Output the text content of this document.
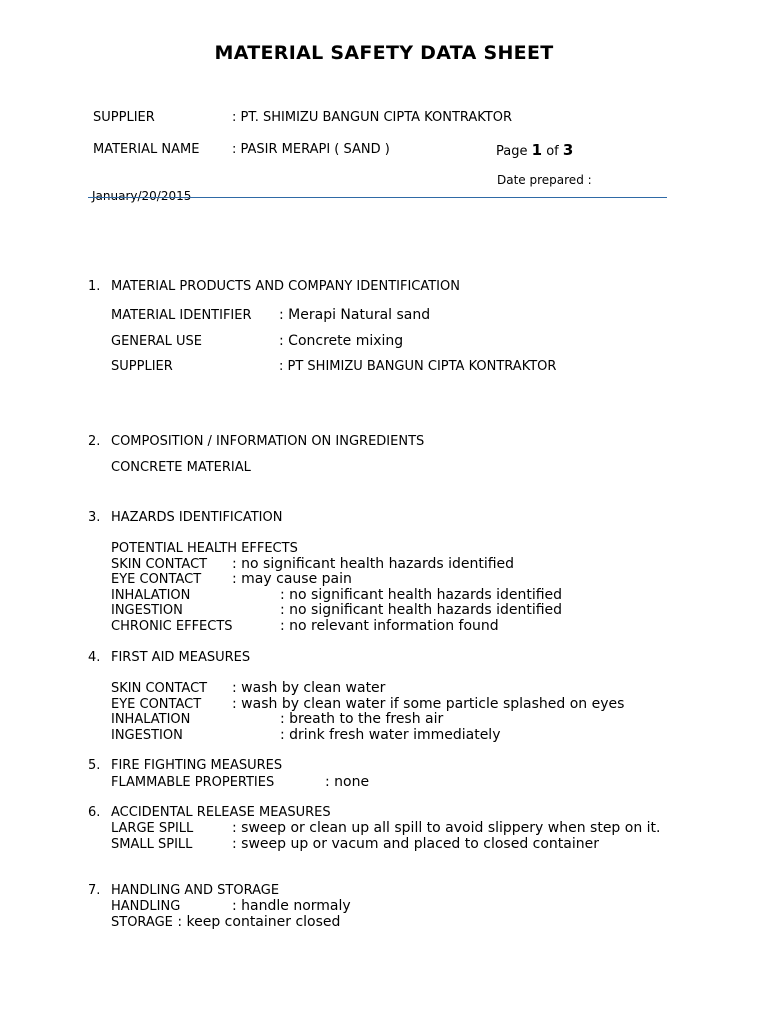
MATERIAL SAFETY DATA SHEET
SUPPLIER	: PT. SHIMIZU BANGUN CIPTA KONTRAKTOR
MATERIAL NAME	: PASIR MERAPI ( SAND )	Page 1 of 3
Date prepared :
January/20/2015
1. MATERIAL PRODUCTS AND COMPANY IDENTIFICATION
MATERIAL IDENTIFIER : Merapi Natural sand
GENERAL USE	: Concrete mixing
SUPPLIER	: PT SHIMIZU BANGUN CIPTA KONTRAKTOR
2. COMPOSITION / INFORMATION ON INGREDIENTS
CONCRETE MATERIAL
3. HAZARDS IDENTIFICATION
POTENTIAL HEALTH EFFECTS
SKIN CONTACT : no significant health hazards identified
EYE CONTACT : may cause pain
INHALATION	: no significant health hazards identified
INGESTION	: no significant health hazards identified
CHRONIC EFFECTS	: no relevant information found
4. FIRST AID MEASURES
SKIN CONTACT : wash by clean water
EYE CONTACT : wash by clean water if some particle splashed on eyes
INHALATION	: breath to the fresh air
INGESTION	: drink fresh water immediately
5. FIRE FIGHTING MEASURES
FLAMMABLE PROPERTIES	: none
6. ACCIDENTAL RELEASE MEASURES
LARGE SPILL	: sweep or clean up all spill to avoid slippery when step on it.
SMALL SPILL	: sweep up or vacum and placed to closed container
7. HANDLING AND STORAGE
HANDLING	: handle normaly
STORAGE : keep container closed
